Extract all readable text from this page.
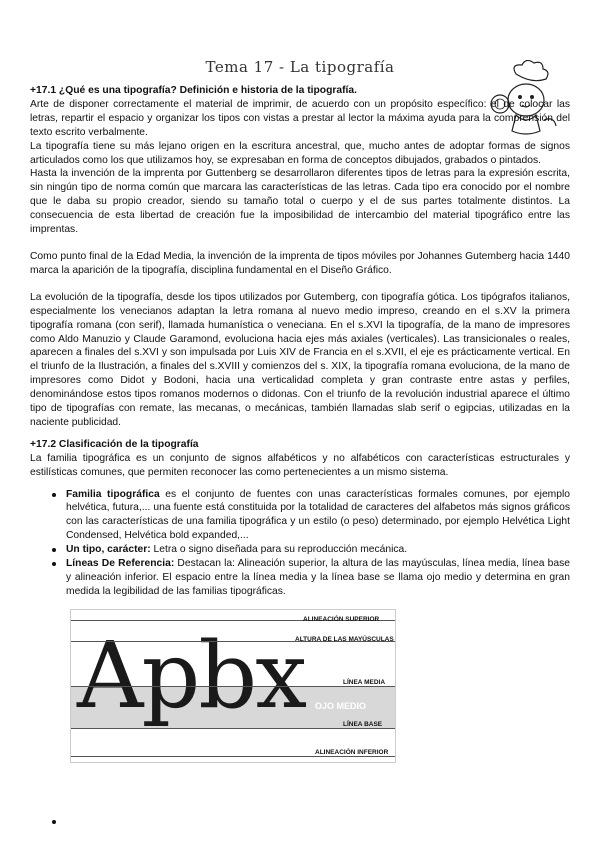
Tema 17 - La tipografía

+17.1 ¿Qué es una tipografía? Definición e historia de la tipografía.

Arte de disponer correctamente el material de imprimir, de acuerdo con un propósito específico: el de colocar las letras, repartir el espacio y organizar los tipos con vistas a prestar al lector la máxima ayuda para la comprensión del texto escrito verbalmente.

La tipografía tiene su más lejano origen en la escritura ancestral, que, mucho antes de adoptar formas de signos articulados como los que utilizamos hoy, se expresaban en forma de conceptos dibujados, grabados o pintados.

Hasta la invención de la imprenta por Guttenberg se desarrollaron diferentes tipos de letras para la expresión escrita, sin ningún tipo de norma común que marcara las características de las letras. Cada tipo era conocido por el nombre que le daba su propio creador, siendo su tamaño total o cuerpo y el de sus partes totalmente distintos. La consecuencia de esta libertad de creación fue la imposibilidad de intercambio del material tipográfico entre las imprentas.

Como punto final de la Edad Media, la invención de la imprenta de tipos móviles por Johannes Gutemberg hacia 1440 marca la aparición de la tipografía, disciplina fundamental en el Diseño Gráfico.

La evolución de la tipografía, desde los tipos utilizados por Gutemberg, con tipografía gótica. Los tipógrafos italianos, especialmente los venecianos adaptan la letra romana al nuevo medio impreso, creando en el s.XV la primera tipografía romana (con serif), llamada humanística o veneciana. En el s.XVI la tipografía, de la mano de impresores como Aldo Manuzio y Claude Garamond, evoluciona hacia ejes más axiales (verticales). Las transicionales o reales, aparecen a finales del s.XVI y son impulsada por Luis XIV de Francia en el s.XVII, el eje es prácticamente vertical. En el triunfo de la Ilustración, a finales del s.XVIII y comienzos del s. XIX, la tipografía romana evoluciona, de la mano de impresores como Didot y Bodoni, hacia una verticalidad completa y gran contraste entre astas y perfiles, denominándose estos tipos romanos modernos o didonas. Con el triunfo de la revolución industrial aparece el último tipo de tipografías con remate, las mecanas, o mecánicas, también llamadas slab serif o egipcias, utilizadas en la naciente publicidad.

+17.2 Clasificación de la tipografía

La familia tipográfica es un conjunto de signos alfabéticos y no alfabéticos con características estructurales y estilísticas comunes, que permiten reconocer las como pertenecientes a un mismo sistema.

Familia tipográfica es el conjunto de fuentes con unas características formales comunes, por ejemplo helvética, futura,... una fuente está constituida por la totalidad de caracteres del alfabetos más signos gráficos con las características de una familia tipográfica y un estilo (o peso) determinado, por ejemplo Helvética Light Condensed, Helvética bold expanded,...
Un tipo, carácter: Letra o signo diseñada para su reproducción mecánica.
Líneas De Referencia: Destacan la: Alineación superior, la altura de las mayúsculas, línea media, línea base y alineación inferior. El espacio entre la línea media y la línea base se llama ojo medio y determina en gran medida la legibilidad de las familias tipográficas.
Apbx
ALINEACIÓN SUPERIOR
ALTURA DE LAS MAYÚSCULAS
LÍNEA MEDIA
OJO MEDIO
LÍNEA BASE
ALINEACIÓN INFERIOR
